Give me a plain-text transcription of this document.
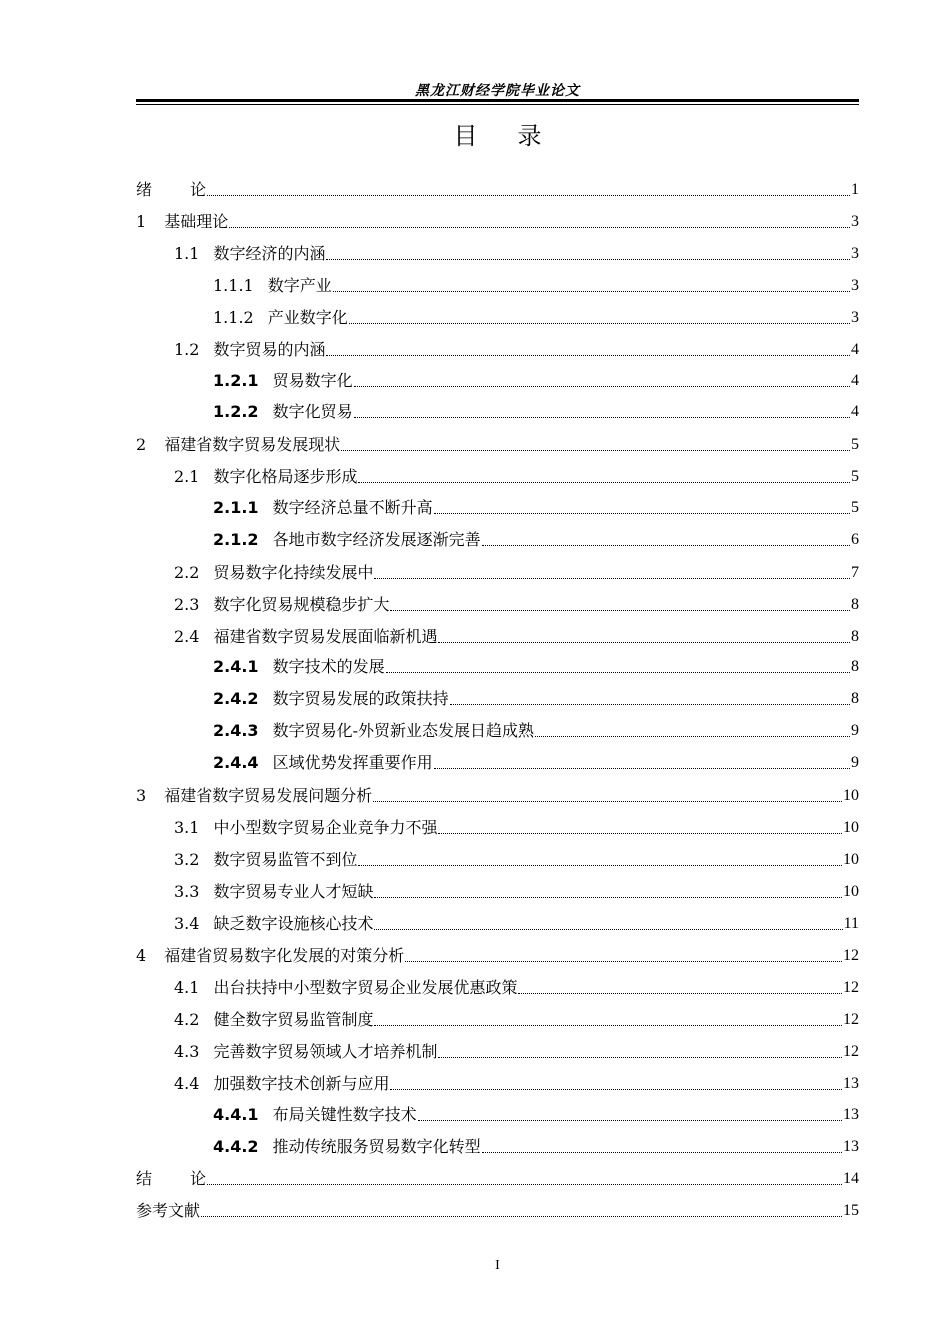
黑龙江财经学院毕业论文
目录
绪 论	1
1 基础理论	3
1.1 数字经济的内涵	3
1.1.1 数字产业	3
1.1.2 产业数字化	3
1.2 数字贸易的内涵	4
1.2.1 贸易数字化	4
1.2.2 数字化贸易	4
2 福建省数字贸易发展现状	5
2.1 数字化格局逐步形成	5
2.1.1 数字经济总量不断升高	5
2.1.2 各地市数字经济发展逐渐完善	6
2.2 贸易数字化持续发展中	7
2.3 数字化贸易规模稳步扩大	8
2.4 福建省数字贸易发展面临新机遇	8
2.4.1 数字技术的发展	8
2.4.2 数字贸易发展的政策扶持	8
2.4.3 数字贸易化-外贸新业态发展日趋成熟	9
2.4.4 区域优势发挥重要作用	9
3 福建省数字贸易发展问题分析	10
3.1 中小型数字贸易企业竞争力不强	10
3.2 数字贸易监管不到位	10
3.3 数字贸易专业人才短缺	10
3.4 缺乏数字设施核心技术	11
4 福建省贸易数字化发展的对策分析	12
4.1 出台扶持中小型数字贸易企业发展优惠政策	12
4.2 健全数字贸易监管制度	12
4.3 完善数字贸易领域人才培养机制	12
4.4 加强数字技术创新与应用	13
4.4.1 布局关键性数字技术	13
4.4.2 推动传统服务贸易数字化转型	13
结 论	14
参考文献	15
I
